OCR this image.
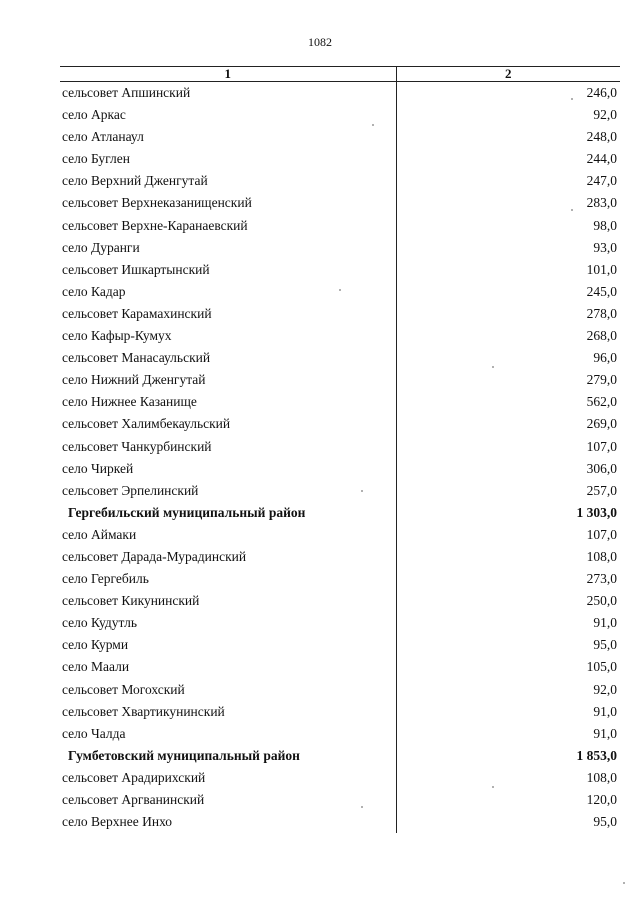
1082
1	2
сельсовет Апшинский	246,0
село Аркас	92,0
село Атланаул	248,0
село Буглен	244,0
село Верхний Дженгутай	247,0
сельсовет Верхнеказанищенский	283,0
сельсовет Верхне-Каранаевский	98,0
село Дуранги	93,0
сельсовет Ишкартынский	101,0
село Кадар	245,0
сельсовет Карамахинский	278,0
село Кафыр-Кумух	268,0
сельсовет Манасаульский	96,0
село Нижний Дженгутай	279,0
село Нижнее Казанище	562,0
сельсовет Халимбекаульский	269,0
сельсовет Чанкурбинский	107,0
село Чиркей	306,0
сельсовет Эрпелинский	257,0
Гергебильский муниципальный район	1 303,0
село Аймаки	107,0
сельсовет Дарада-Мурадинский	108,0
село Гергебиль	273,0
сельсовет Кикунинский	250,0
село Кудутль	91,0
село Курми	95,0
село Маали	105,0
сельсовет Могохский	92,0
сельсовет Хвартикунинский	91,0
село Чалда	91,0
Гумбетовский муниципальный район	1 853,0
сельсовет Арадирихский	108,0
сельсовет Аргванинский	120,0
село Верхнее Инхо	95,0
